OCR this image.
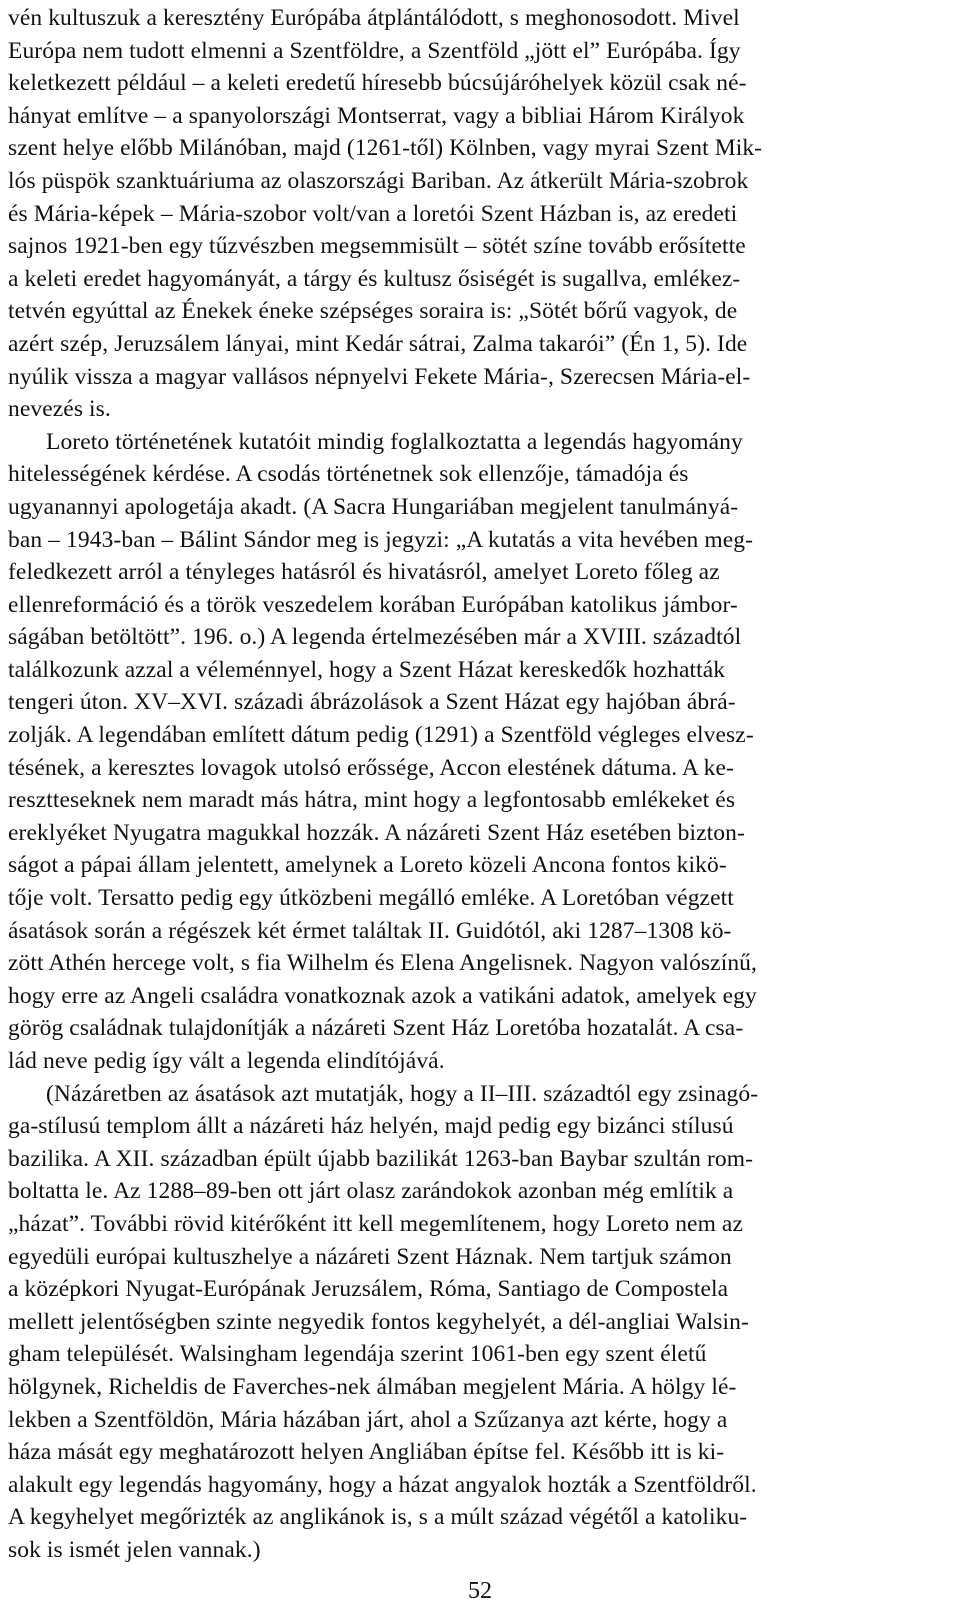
vén kultuszuk a keresztény Európába átplántálódott, s meghonosodott. Mivel
Európa nem tudott elmenni a Szentföldre, a Szentföld „jött el” Európába. Így
keletkezett például – a keleti eredetű híresebb búcsújáróhelyek közül csak né-
hányat említve – a spanyolországi Montserrat, vagy a bibliai Három Királyok
szent helye előbb Milánóban, majd (1261-től) Kölnben, vagy myrai Szent Mik-
lós püspök szanktuáriuma az olaszországi Bariban. Az átkerült Mária-szobrok
és Mária-képek – Mária-szobor volt/van a loretói Szent Házban is, az eredeti
sajnos 1921-ben egy tűzvészben megsemmisült – sötét színe tovább erősítette
a keleti eredet hagyományát, a tárgy és kultusz ősiségét is sugallva, emlékez-
tetvén egyúttal az Énekek éneke szépséges soraira is: „Sötét bőrű vagyok, de
azért szép, Jeruzsálem lányai, mint Kedár sátrai, Zalma takarói” (Én 1, 5). Ide
nyúlik vissza a magyar vallásos népnyelvi Fekete Mária-, Szerecsen Mária-el-
nevezés is.
Loreto történetének kutatóit mindig foglalkoztatta a legendás hagyomány
hitelességének kérdése. A csodás történetnek sok ellenzője, támadója és
ugyanannyi apologetája akadt. (A Sacra Hungariában megjelent tanulmányá-
ban – 1943-ban – Bálint Sándor meg is jegyzi: „A kutatás a vita hevében meg-
feledkezett arról a tényleges hatásról és hivatásról, amelyet Loreto főleg az
ellenreformáció és a török veszedelem korában Európában katolikus jámbor-
ságában betöltött”. 196. o.) A legenda értelmezésében már a XVIII. századtól
találkozunk azzal a véleménnyel, hogy a Szent Házat kereskedők hozhatták
tengeri úton. XV–XVI. századi ábrázolások a Szent Házat egy hajóban ábrá-
zolják. A legendában említett dátum pedig (1291) a Szentföld végleges elvesz-
tésének, a keresztes lovagok utolsó erőssége, Accon elestének dátuma. A ke-
resztteseknek nem maradt más hátra, mint hogy a legfontosabb emlékeket és
ereklyéket Nyugatra magukkal hozzák. A názáreti Szent Ház esetében bizton-
ságot a pápai állam jelentett, amelynek a Loreto közeli Ancona fontos kikö-
tője volt. Tersatto pedig egy útközbeni megálló emléke. A Loretóban végzett
ásatások során a régészek két érmet találtak II. Guidótól, aki 1287–1308 kö-
zött Athén hercege volt, s fia Wilhelm és Elena Angelisnek. Nagyon valószínű,
hogy erre az Angeli családra vonatkoznak azok a vatikáni adatok, amelyek egy
görög családnak tulajdonítják a názáreti Szent Ház Loretóba hozatalát. A csa-
lád neve pedig így vált a legenda elindítójává.
(Názáretben az ásatások azt mutatják, hogy a II–III. századtól egy zsinagó-
ga-stílusú templom állt a názáreti ház helyén, majd pedig egy bizánci stílusú
bazilika. A XII. században épült újabb bazilikát 1263-ban Baybar szultán rom-
boltatta le. Az 1288–89-ben ott járt olasz zarándokok azonban még említik a
„házat”. További rövid kitérőként itt kell megemlítenem, hogy Loreto nem az
egyedüli európai kultuszhelye a názáreti Szent Háznak. Nem tartjuk számon
a középkori Nyugat-Európának Jeruzsálem, Róma, Santiago de Compostela
mellett jelentőségben szinte negyedik fontos kegyhelyét, a dél-angliai Walsin-
gham települését. Walsingham legendája szerint 1061-ben egy szent életű
hölgynek, Richeldis de Faverches-nek álmában megjelent Mária. A hölgy lé-
lekben a Szentföldön, Mária házában járt, ahol a Szűzanya azt kérte, hogy a
háza mását egy meghatározott helyen Angliában építse fel. Később itt is ki-
alakult egy legendás hagyomány, hogy a házat angyalok hozták a Szentföldről.
A kegyhelyet megőrizték az anglikánok is, s a múlt század végétől a katoliku-
sok is ismét jelen vannak.)
52
